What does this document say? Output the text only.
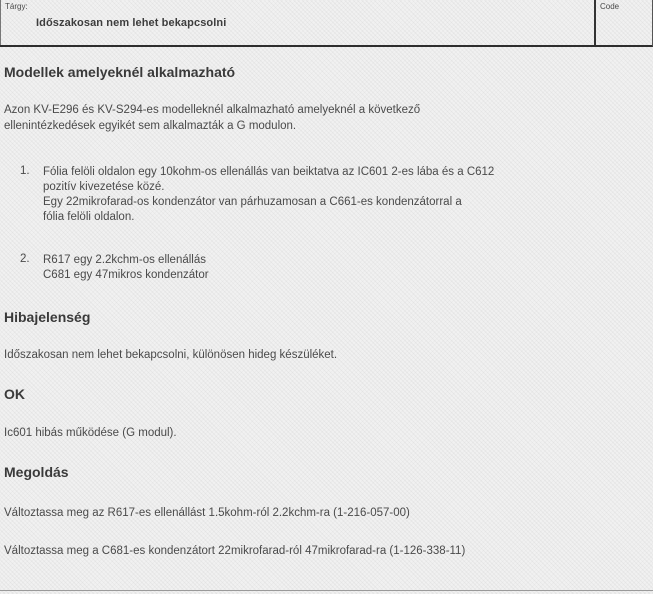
Tárgy:
Időszakosan nem lehet bekapcsolni
Code
Modellek amelyeknél alkalmazható
Azon KV-E296 és KV-S294-es modelleknél alkalmazható amelyeknél a következő
ellenintézkedések egyikét sem alkalmazták a G modulon.
1. Fólia felöli oldalon egy 10kohm-os ellenállás van beiktatva az IC601 2-es lába és a C612
pozitív kivezetése közé.
Egy 22mikrofarad-os kondenzátor van párhuzamosan a C661-es kondenzátorral a
fólia felöli oldalon.
2. R617 egy 2.2kchm-os ellenállás
C681 egy 47mikros kondenzátor
Hibajelenség
Időszakosan nem lehet bekapcsolni, különösen hideg készüléket.
OK
Ic601 hibás működése (G modul).
Megoldás
Változtassa meg az R617-es ellenállást 1.5kohm-ról 2.2kchm-ra (1-216-057-00)
Változtassa meg a C681-es kondenzátort 22mikrofarad-ról 47mikrofarad-ra (1-126-338-11)
